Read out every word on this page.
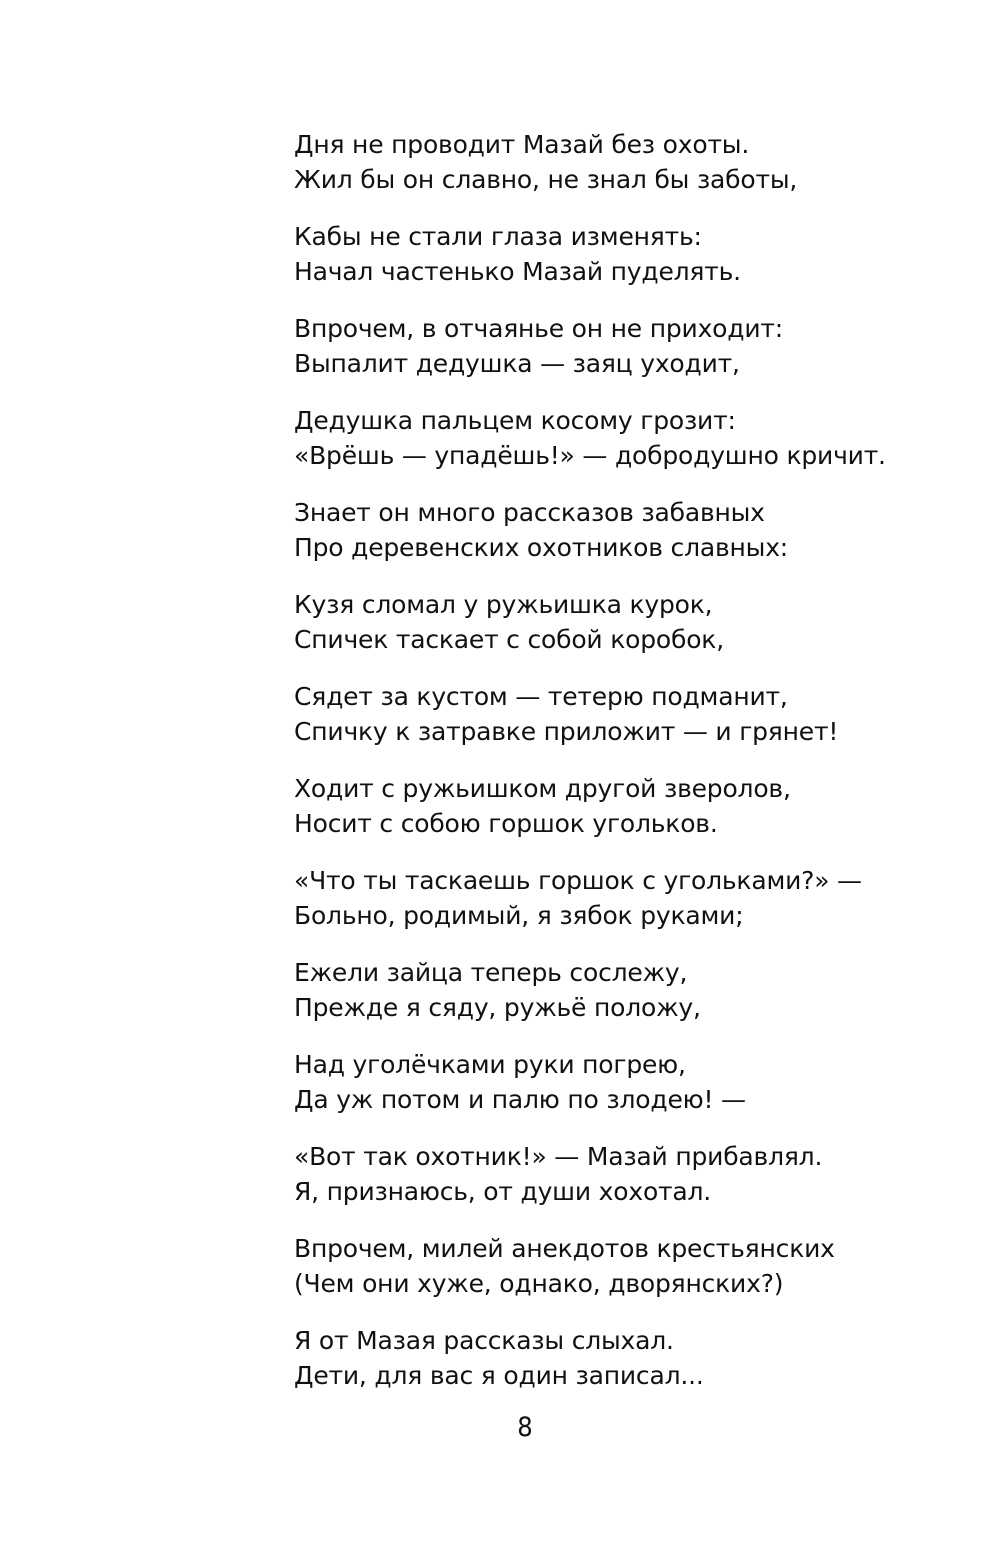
Дня не проводит Мазай без охоты.
Жил бы он славно, не знал бы заботы,
Кабы не стали глаза изменять:
Начал частенько Мазай пуделять.
Впрочем, в отчаянье он не приходит:
Выпалит дедушка — заяц уходит,
Дедушка пальцем косому грозит:
«Врёшь — упадёшь!» — добродушно кричит.
Знает он много рассказов забавных
Про деревенских охотников славных:
Кузя сломал у ружьишка курок,
Спичек таскает с собой коробок,
Сядет за кустом — тетерю подманит,
Спичку к затравке приложит — и грянет!
Ходит с ружьишком другой зверолов,
Носит с собою горшок угольков.
«Что ты таскаешь горшок с угольками?» —
Больно, родимый, я зябок руками;
Ежели зайца теперь сослежу,
Прежде я сяду, ружьё положу,
Над уголёчками руки погрею,
Да уж потом и палю по злодею! —
«Вот так охотник!» — Мазай прибавлял.
Я, признаюсь, от души хохотал.
Впрочем, милей анекдотов крестьянских
(Чем они хуже, однако, дворянских?)
Я от Мазая рассказы слыхал.
Дети, для вас я один записал...
8
